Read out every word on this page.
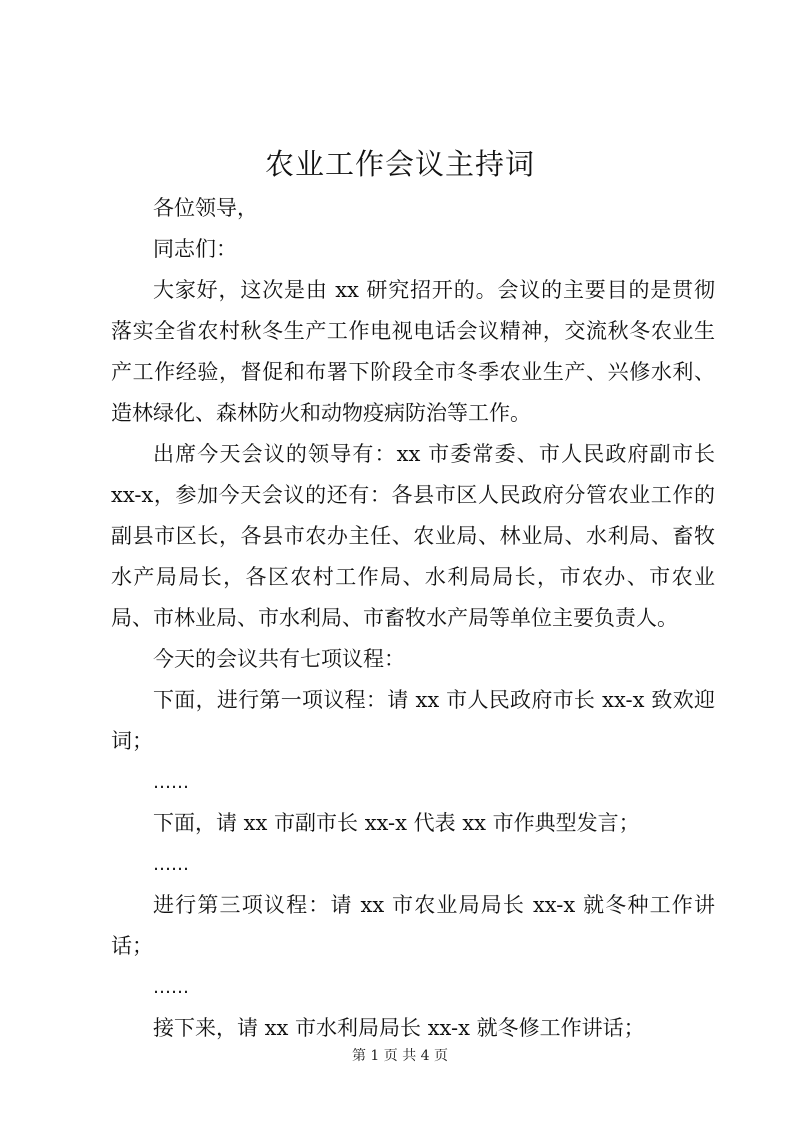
农业工作会议主持词

各位领导，

同志们：

大家好，这次是由 xx 研究招开的。会议的主要目的是贯彻落实全省农村秋冬生产工作电视电话会议精神，交流秋冬农业生产工作经验，督促和布署下阶段全市冬季农业生产、兴修水利、造林绿化、森林防火和动物疫病防治等工作。

出席今天会议的领导有：xx 市委常委、市人民政府副市长 xx-x，参加今天会议的还有：各县市区人民政府分管农业工作的副县市区长，各县市农办主任、农业局、林业局、水利局、畜牧水产局局长，各区农村工作局、水利局局长，市农办、市农业局、市林业局、市水利局、市畜牧水产局等单位主要负责人。

今天的会议共有七项议程：

下面，进行第一项议程：请 xx 市人民政府市长 xx-x 致欢迎词；

……

下面，请 xx 市副市长 xx-x 代表 xx 市作典型发言；

……

进行第三项议程：请 xx 市农业局局长 xx-x 就冬种工作讲话；

……

接下来，请 xx 市水利局局长 xx-x 就冬修工作讲话；

第 1 页 共 4 页
